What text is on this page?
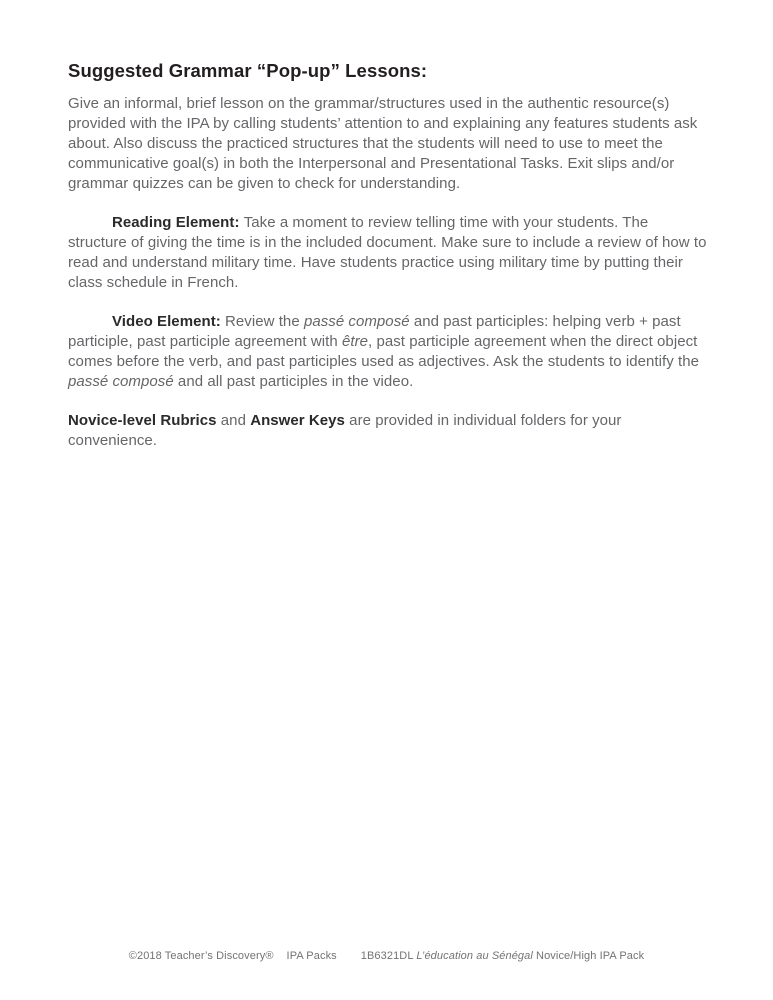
Suggested Grammar “Pop-up” Lessons:

Give an informal, brief lesson on the grammar/structures used in the authentic resource(s) provided with the IPA by calling students’ attention to and explaining any features students ask about. Also discuss the practiced structures that the students will need to use to meet the communicative goal(s) in both the Interpersonal and Presentational Tasks. Exit slips and/or grammar quizzes can be given to check for understanding.

Reading Element: Take a moment to review telling time with your students. The structure of giving the time is in the included document. Make sure to include a review of how to read and understand military time. Have students practice using military time by putting their class schedule in French.

Video Element: Review the passé composé and past participles: helping verb + past participle, past participle agreement with être, past participle agreement when the direct object comes before the verb, and past participles used as adjectives. Ask the students to identify the passé composé and all past participles in the video.

Novice-level Rubrics and Answer Keys are provided in individual folders for your convenience.

©2018 Teacher’s Discovery® IPA Packs 1B6321DL L’éducation au Sénégal Novice/High IPA Pack
